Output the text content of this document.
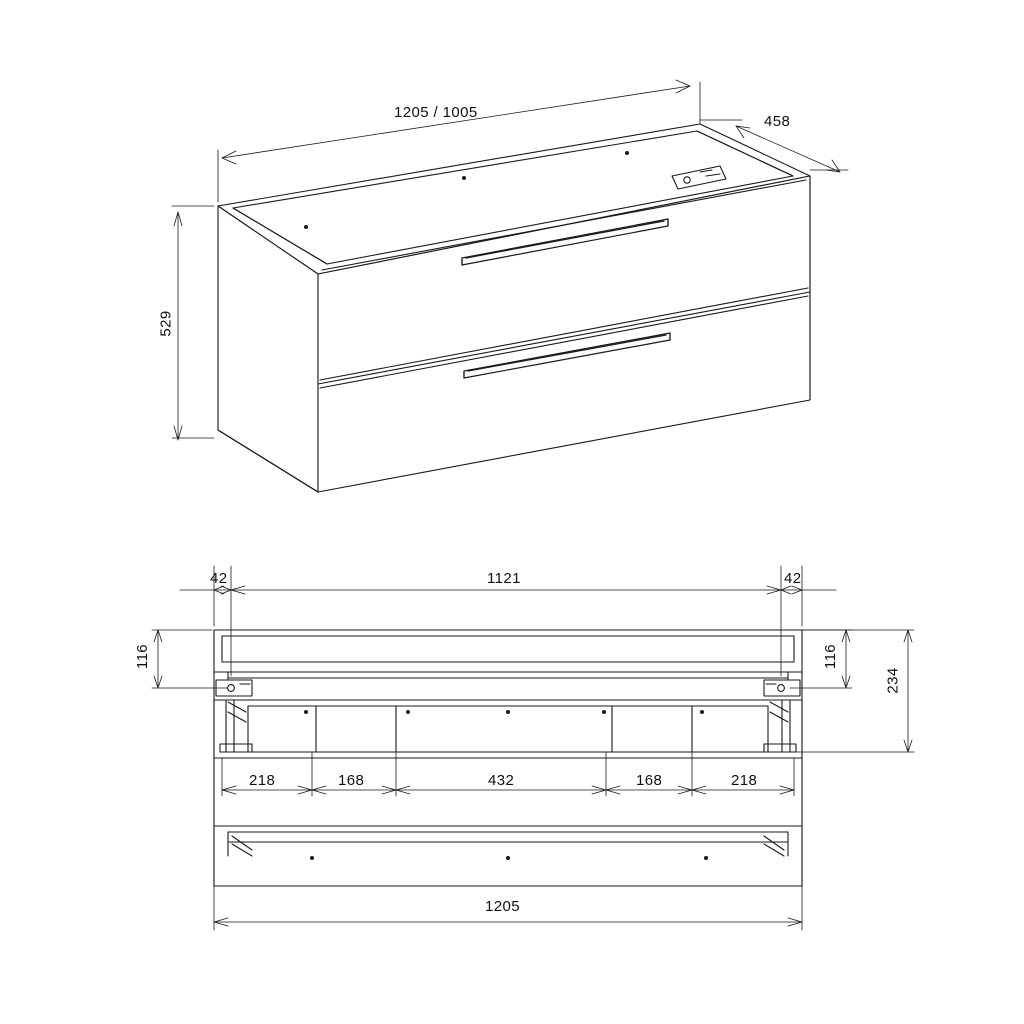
1205 / 1005
458
529
42	1121	42
116	116
234
218	168	432	168	218
1205
